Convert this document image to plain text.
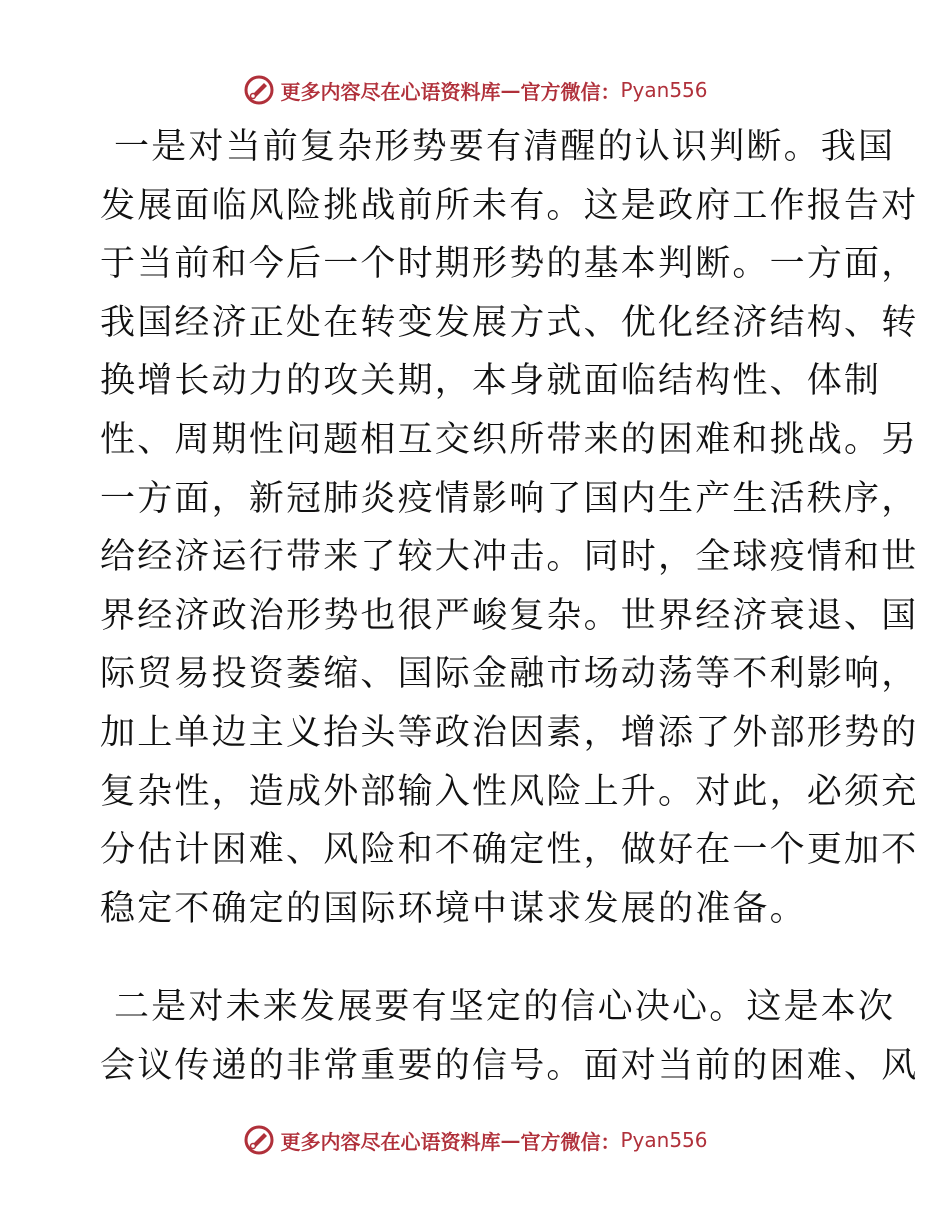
更多内容尽在心语资料库 — 官方微信： Pyan556
一是对当前复杂形势要有清醒的认识判断。我国
发展面临风险挑战前所未有。这是政府工作报告对
于当前和今后一个时期形势的基本判断。一方面，
我国经济正处在转变发展方式、优化经济结构、转
换增长动力的攻关期，本身就面临结构性、体制
性、周期性问题相互交织所带来的困难和挑战。另
一方面，新冠肺炎疫情影响了国内生产生活秩序，
给经济运行带来了较大冲击。同时，全球疫情和世
界经济政治形势也很严峻复杂。世界经济衰退、国
际贸易投资萎缩、国际金融市场动荡等不利影响，
加上单边主义抬头等政治因素，增添了外部形势的
复杂性，造成外部输入性风险上升。对此，必须充
分估计困难、风险和不确定性，做好在一个更加不
稳定不确定的国际环境中谋求发展的准备。
二是对未来发展要有坚定的信心决心。这是本次
会议传递的非常重要的信号。面对当前的困难、风
更多内容尽在心语资料库 — 官方微信： Pyan556
